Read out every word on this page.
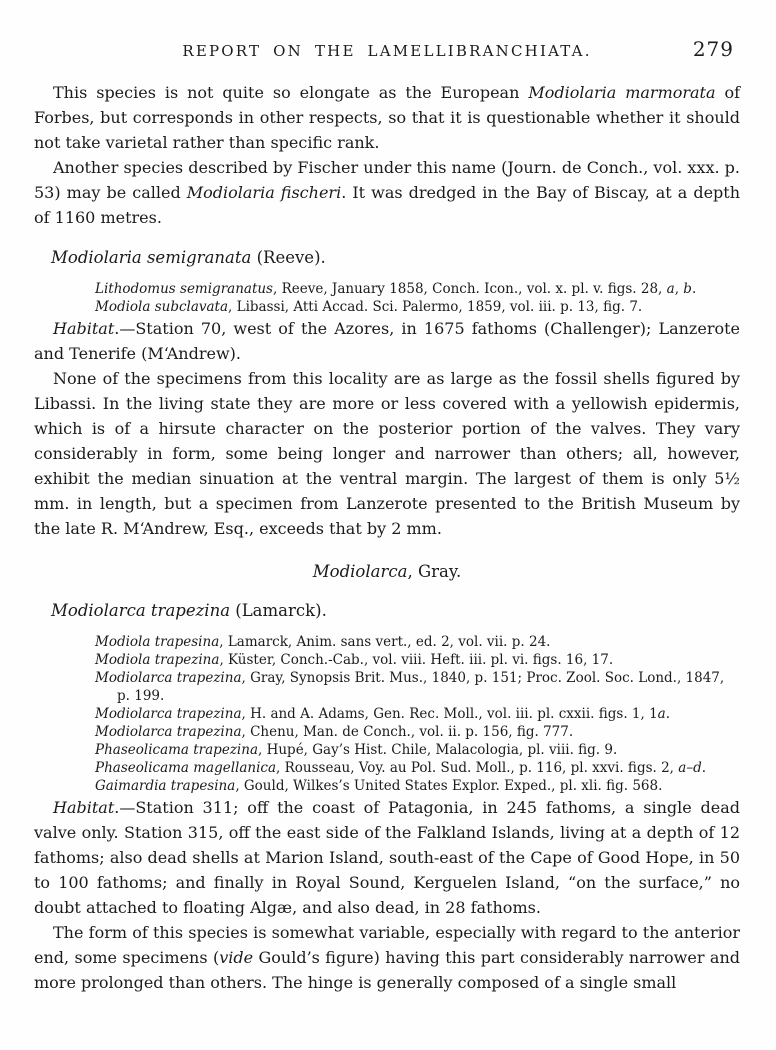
REPORT ON THE LAMELLIBRANCHIATA.	279

This species is not quite so elongate as the European Modiolaria marmorata of Forbes, but corresponds in other respects, so that it is questionable whether it should not take varietal rather than specific rank.

Another species described by Fischer under this name (Journ. de Conch., vol. xxx. p. 53) may be called Modiolaria fischeri. It was dredged in the Bay of Biscay, at a depth of 1160 metres.

Modiolaria semigranata (Reeve).
Lithodomus semigranatus, Reeve, January 1858, Conch. Icon., vol. x. pl. v. figs. 28, a, b.
Modiola subclavata, Libassi, Atti Accad. Sci. Palermo, 1859, vol. iii. p. 13, fig. 7.

Habitat.—Station 70, west of the Azores, in 1675 fathoms (Challenger); Lanzerote and Tenerife (M‘Andrew).

None of the specimens from this locality are as large as the fossil shells figured by Libassi. In the living state they are more or less covered with a yellowish epidermis, which is of a hirsute character on the posterior portion of the valves. They vary considerably in form, some being longer and narrower than others; all, however, exhibit the median sinuation at the ventral margin. The largest of them is only 5½ mm. in length, but a specimen from Lanzerote presented to the British Museum by the late R. M‘Andrew, Esq., exceeds that by 2 mm.

Modiolarca, Gray.
Modiolarca trapezina (Lamarck).
Modiola trapesina, Lamarck, Anim. sans vert., ed. 2, vol. vii. p. 24.
Modiola trapezina, Küster, Conch.-Cab., vol. viii. Heft. iii. pl. vi. figs. 16, 17.
Modiolarca trapezina, Gray, Synopsis Brit. Mus., 1840, p. 151; Proc. Zool. Soc. Lond., 1847, p. 199.
Modiolarca trapezina, H. and A. Adams, Gen. Rec. Moll., vol. iii. pl. cxxii. figs. 1, 1a.
Modiolarca trapezina, Chenu, Man. de Conch., vol. ii. p. 156, fig. 777.
Phaseolicama trapezina, Hupé, Gay’s Hist. Chile, Malacologia, pl. viii. fig. 9.
Phaseolicama magellanica, Rousseau, Voy. au Pol. Sud. Moll., p. 116, pl. xxvi. figs. 2, a–d.
Gaimardia trapesina, Gould, Wilkes’s United States Explor. Exped., pl. xli. fig. 568.

Habitat.—Station 311; off the coast of Patagonia, in 245 fathoms, a single dead valve only. Station 315, off the east side of the Falkland Islands, living at a depth of 12 fathoms; also dead shells at Marion Island, south-east of the Cape of Good Hope, in 50 to 100 fathoms; and finally in Royal Sound, Kerguelen Island, “on the surface,” no doubt attached to floating Algæ, and also dead, in 28 fathoms.

The form of this species is somewhat variable, especially with regard to the anterior end, some specimens (vide Gould’s figure) having this part considerably narrower and more prolonged than others. The hinge is generally composed of a single small
